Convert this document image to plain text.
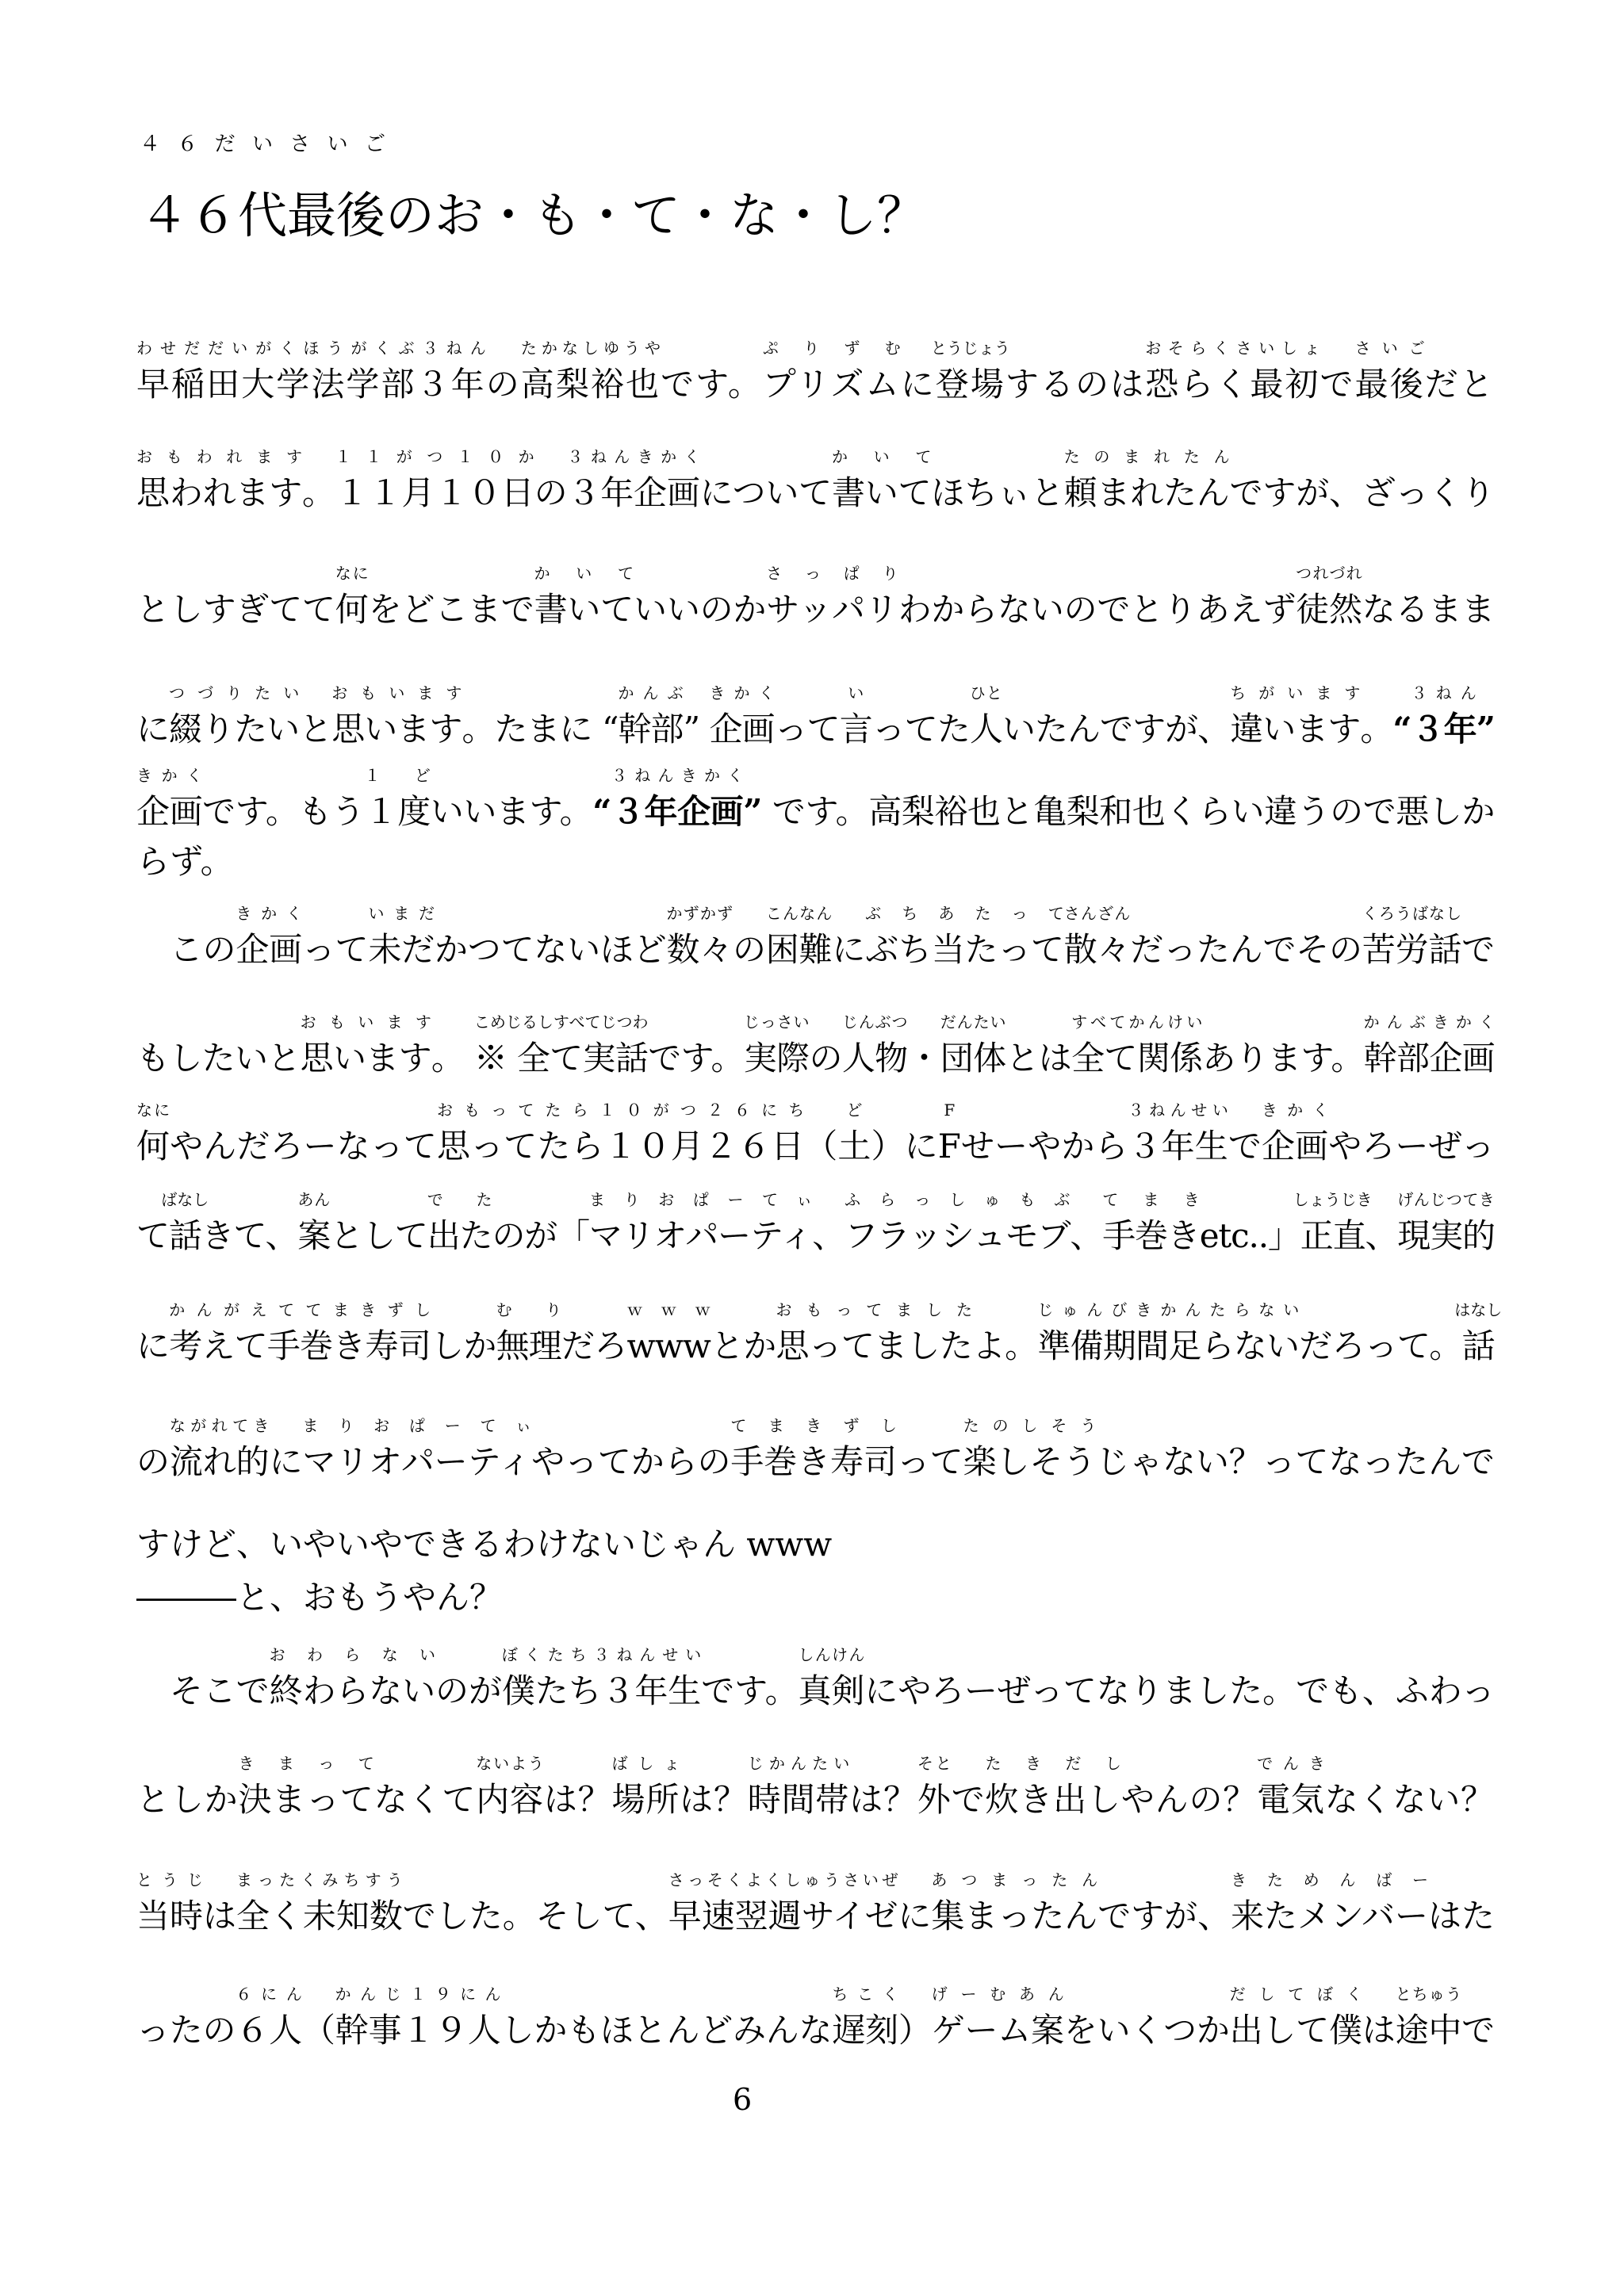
４６代最後
４６だいさいご
のお・も・て・な・し？
早稲田大学法学部３年
わせだだいがくほうがくぶ３ねん
の高梨裕也
たかなしゆうや
です。プリズム
ぷりずむ
に登場
とうじょう
するのは恐らく最初
おそらくさいしょ
で最後
さいご
だと
思われます
おもわれます
。１１月１０日
１１がつ１０か
の３年企画
３ねんきかく
について書いて
かいて
ほちぃと頼まれたん
たのまれたん
ですが、ざっくり
としすぎてて何
なに
をどこまで書いて
かいて
いいのかサッパリ
さっぱり
わからないのでとりあえず徒然
つれづれ
なるまま
に綴りたい
つづりたい
と思います
おもいます
。たまに “幹部
かんぶ
” 企画
きかく
って言
い
ってた人
ひと
いたんですが、違います
ちがいます
。“３年
３ねん
”
企画
きかく
です。もう１度
１ど
いいます。“３年企画
３ねんきかく
” です。高梨裕也と亀梨和也くらい違うので悪しか
らず。
　この企画
きかく
って未だ
いまだ
かつてないほど数々
かずかず
の困難
こんなん
にぶち当たって
ぶちあたって
散々
さんざん
だったんでその苦労話
くろうばなし
で
もしたいと思います
おもいます
。 ※ 全て実話
こめじるしすべてじつわ
です。実際
じっさい
の人物
じんぶつ
・団体
だんたい
とは全て関係
すべてかんけい
あります。幹部企画
かんぶきかく
何
なに
やんだろーなって思ってたら１０月２６日
おもってたら１０がつ２６にち
（土
ど
）にF
F
せーやから３年生
３ねんせい
で企画
きかく
やろーぜっ
て話
ばなし
きて、案
あん
として出た
でた
のが「マリオパーティ
まりおぱーてぃ
、フラッシュモブ
ふらっしゅもぶ
、手巻き
てまき
etc..」正直
しょうじき
、現実的
げんじつてき
に考えて手巻き寿司
かんがえててまきずし
しか無理
むり
だろwww
ｗｗｗ
とか思ってました
おもってました
よ。準備期間足らない
じゅんびきかんたらない
だろって。話
はなし
の流れ的
ながれてき
にマリオパーティ
まりおぱーてぃ
やってからの手巻き寿司
てまきずし
って楽しそう
たのしそう
じゃない？ってなったんで
すけど、いやいやできるわけないじゃん www
―――と、おもうやん？
　そこで終わらない
おわらない
のが僕たち３年生
ぼくたち３ねんせい
です。真剣
しんけん
にやろーぜってなりました。でも、ふわっ
としか決まって
きまって
なくて内容
ないよう
は？場所
ばしょ
は？時間帯
じかんたい
は？外
そと
で炊き出し
たきだし
やんの？電気
でんき
なくない？
当時
とうじ
は全く未知数
まったくみちすう
でした。そして、早速翌週サイゼ
さっそくよくしゅうさいぜ
に集まったん
あつまったん
ですが、来たメンバー
きためんばー
はた
ったの６人
６にん
（幹事１９人
かんじ１９にん
しかもほとんどみんな遅刻
ちこく
）ゲーム案
げーむあん
をいくつか出して僕
だしてぼく
は途中
とちゅう
で
6
